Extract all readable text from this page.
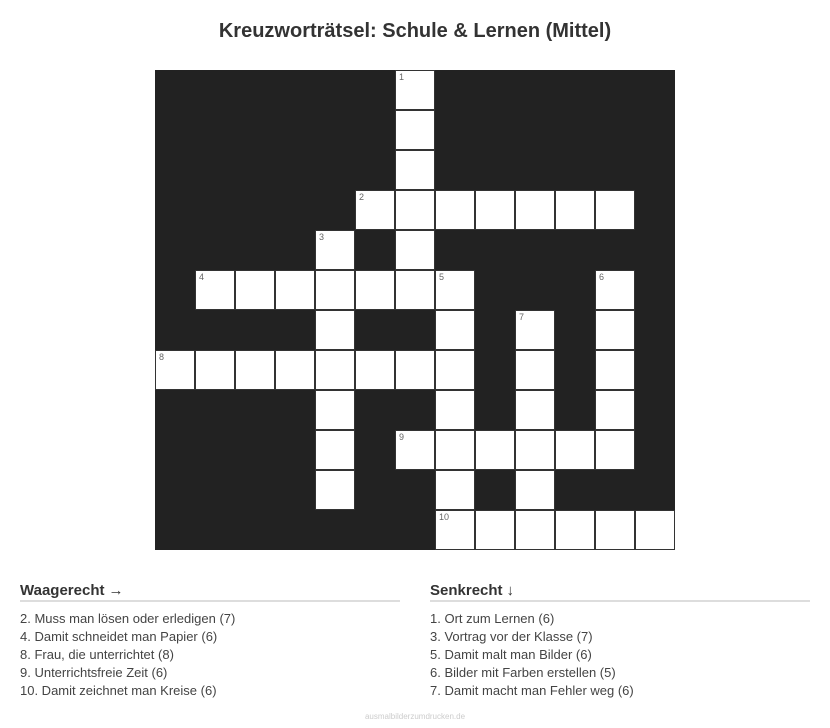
Kreuzworträtsel: Schule & Lernen (Mittel)
1
2
3
4	5	6
7
8
9
10
Waagerecht →
2. Muss man lösen oder erledigen (7)
4. Damit schneidet man Papier (6)
8. Frau, die unterrichtet (8)
9. Unterrichtsfreie Zeit (6)
10. Damit zeichnet man Kreise (6)
Senkrecht ↓
1. Ort zum Lernen (6)
3. Vortrag vor der Klasse (7)
5. Damit malt man Bilder (6)
6. Bilder mit Farben erstellen (5)
7. Damit macht man Fehler weg (6)
ausmalbilderzumdrucken.de
